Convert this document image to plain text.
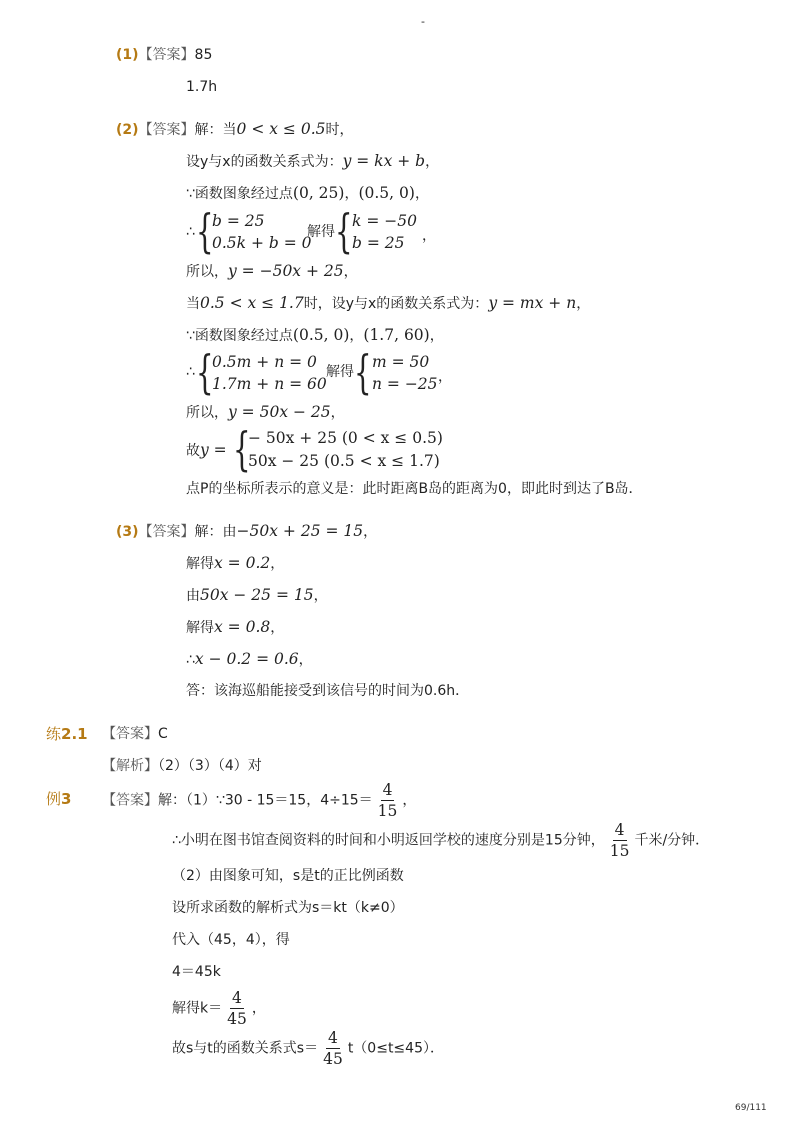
-
(1)【答案】85
1.7h
(2)【答案】解：当0 < x ≤ 0.5时，
设y与x的函数关系式为：y = kx + b，
∵函数图象经过点(0, 25)，(0.5, 0)，
∴ {
b = 25
0.5k + b = 0
解得 { k = −50
b = 25 ，
所以，y = −50x + 25，
当0.5 < x ≤ 1.7时，设y与x的函数关系式为：y = mx + n，
∵函数图象经过点(0.5, 0)，(1.7, 60)，
∴ {
0.5m + n = 0
1.7m + n = 60
解得 { m = 50
n = −25 ，
所以，y = 50x − 25，
故y = {
− 50x + 25 (0 < x ≤ 0.5)
50x − 25 (0.5 < x ≤ 1.7)
点P的坐标所表示的意义是：此时距离B岛的距离为0，即此时到达了B岛．
(3)【答案】解：由−50x + 25 = 15，
解得x = 0.2，
由50x − 25 = 15，
解得x = 0.8，
∴x − 0.2 = 0.6，
答：该海巡船能接受到该信号的时间为0.6h．
练2.1 【答案】C
【解析】（2）（3）（4）对
例3 【答案】解：（1）∵30 - 15＝15，$4\div 15= \frac{4}{15}$ ，
∴小明在图书馆查阅资料的时间和小明返回学校的速度分别是15分钟， $\frac{4}{15}$ 千米/分钟．
（2）由图象可知，s是t的正比例函数
设所求函数的解析式为s＝kt（k≠0）
代入（45，4），得
4＝45k
解得$k= \frac{4}{45}$ ，
故s与t的函数关系式$s= \frac{4}{45} t(0\le t\le 45)$．
69/111
